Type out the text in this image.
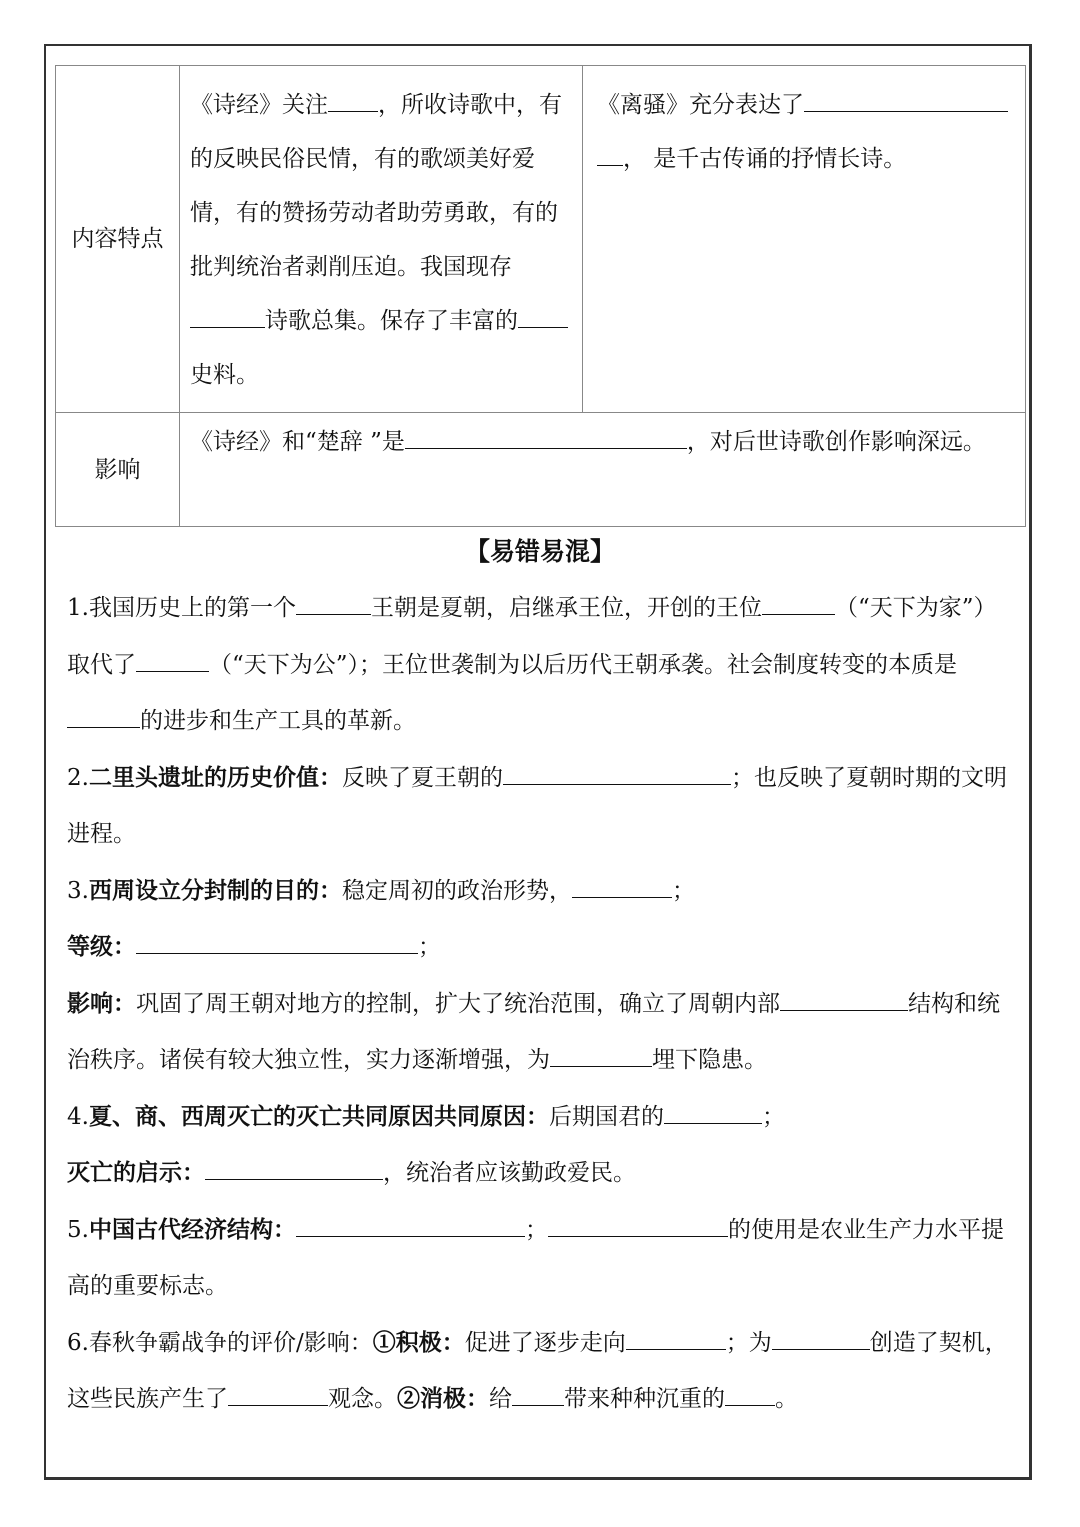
内容特点	《诗经》关注 ，所收诗歌中，有的反映民俗民情，有的歌颂美好爱情，有的赞扬劳动者助劳勇敢，有的批判统治者剥削压迫。我国现存诗歌总集。保存了丰富的史料。	《离骚》充分表达了， 是千古传诵的抒情长诗。
影响	《诗经》和“楚辞 ”是 ，对后世诗歌创作影响深远。	
【易错易混】

1.我国历史上的第一个	王朝是夏朝，启继承王位，开创的王位	（“天下为家”）取代了	（“天下为公”）；王位世袭制为以后历代王朝承袭。社会制度转变的本质是的进步和生产工具的革新。

2.二里头遗址的历史价值：反映了夏王朝的	；也反映了夏朝时期的文明进程。

3.西周设立分封制的目的：稳定周初的政治形势，	；

等级：	；

影响：巩固了周王朝对地方的控制，扩大了统治范围，确立了周朝内部	结构和统治秩序。诸侯有较大独立性，实力逐渐增强，为	埋下隐患。

4.夏、商、西周灭亡的灭亡共同原因共同原因：后期国君的	；

灭亡的启示：	，统治者应该勤政爱民。

5.中国古代经济结构：	；	的使用是农业生产力水平提高的重要标志。

6.春秋争霸战争的评价/影响：①积极：促进了逐步走向	；为	创造了契机，这些民族产生了	观念。②消极：给 带来种种沉重的 。
